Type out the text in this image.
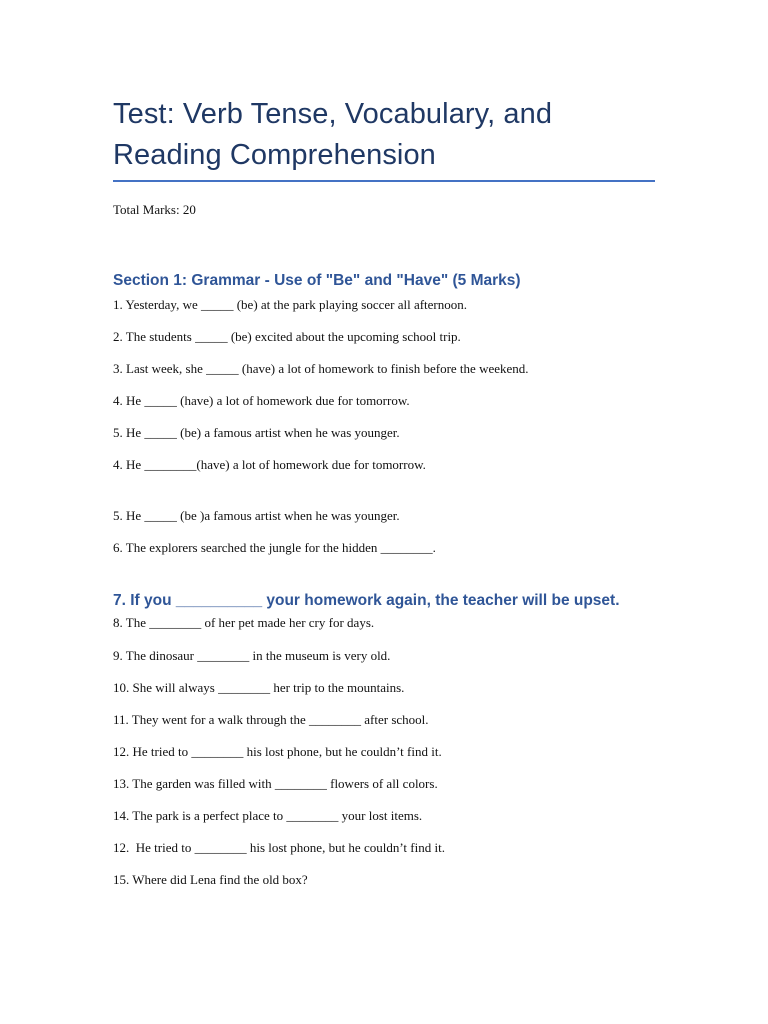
Test: Verb Tense, Vocabulary, and Reading Comprehension

Total Marks: 20

Section 1: Grammar - Use of "Be" and "Have" (5 Marks)

1. Yesterday, we _____ (be) at the park playing soccer all afternoon.

2. The students _____ (be) excited about the upcoming school trip.

3. Last week, she _____ (have) a lot of homework to finish before the weekend.

4. He _____ (have) a lot of homework due for tomorrow.

5. He _____ (be) a famous artist when he was younger.

4. He ________(have) a lot of homework due for tomorrow.

5. He _____ (be )a famous artist when he was younger.

6. The explorers searched the jungle for the hidden ________.

7. If you __________ your homework again, the teacher will be upset.

8. The ________ of her pet made her cry for days.

9. The dinosaur ________ in the museum is very old.

10. She will always ________ her trip to the mountains.

11. They went for a walk through the ________ after school.

12. He tried to ________ his lost phone, but he couldn’t find it.

13. The garden was filled with ________ flowers of all colors.

14. The park is a perfect place to ________ your lost items.

12.  He tried to ________ his lost phone, but he couldn’t find it.

15. Where did Lena find the old box?
